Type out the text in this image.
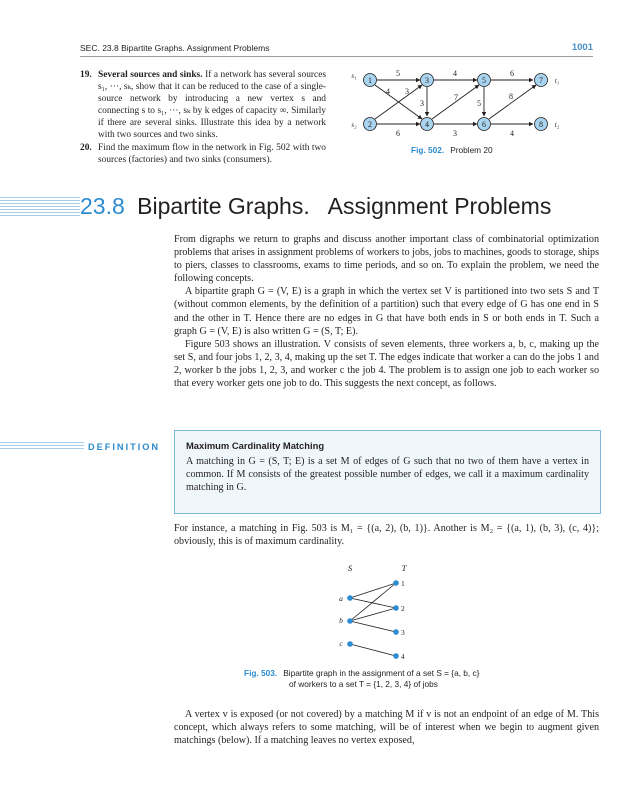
SEC. 23.8 Bipartite Graphs. Assignment Problems	1001
19. Several sources and sinks. If a network has several sources s₁, ···, sₖ, show that it can be reduced to the case of a single-source network by introducing a new vertex s and connecting s to s₁, ···, sₖ by k edges of capacity ∞. Similarly if there are several sinks. Illustrate this idea by a network with two sources and two sinks.
20. Find the maximum flow in the network in Fig. 502 with two sources (factories) and two sinks (consumers).
1	3	5	7
2	4	6	8
s₁
s₂
t₁
t₂
5	4	6
4 3
3
7
5
8
6	3	4
Fig. 502. Problem 20
23.8 Bipartite Graphs.   Assignment Problems

From digraphs we return to graphs and discuss another important class of combinatorial optimization problems that arises in assignment problems of workers to jobs, jobs to machines, goods to storage, ships to piers, classes to classrooms, exams to time periods, and so on. To explain the problem, we need the following concepts.

A bipartite graph G = (V, E) is a graph in which the vertex set V is partitioned into two sets S and T (without common elements, by the definition of a partition) such that every edge of G has one end in S and the other in T. Hence there are no edges in G that have both ends in S or both ends in T. Such a graph G = (V, E) is also written G = (S, T; E).

Figure 503 shows an illustration. V consists of seven elements, three workers a, b, c, making up the set S, and four jobs 1, 2, 3, 4, making up the set T. The edges indicate that worker a can do the jobs 1 and 2, worker b the jobs 1, 2, 3, and worker c the job 4. The problem is to assign one job to each worker so that every worker gets one job to do. This suggests the next concept, as follows.

DEFINITION	Maximum Cardinality Matching
A matching in G = (S, T; E) is a set M of edges of G such that no two of them have a vertex in common. If M consists of the greatest possible number of edges, we call it a maximum cardinality matching in G.
For instance, a matching in Fig. 503 is M₁ = {(a, 2), (b, 1)}. Another is M₂ = {(a, 1), (b, 3), (c, 4)}; obviously, this is of maximum cardinality.
S	T
a
b
c
1
2
3
4
Fig. 503. Bipartite graph in the assignment of a set S = {a, b, c}
of workers to a set T = {1, 2, 3, 4} of jobs

A vertex v is exposed (or not covered) by a matching M if v is not an endpoint of an edge of M. This concept, which always refers to some matching, will be of interest when we begin to augment given matchings (below). If a matching leaves no vertex exposed,
